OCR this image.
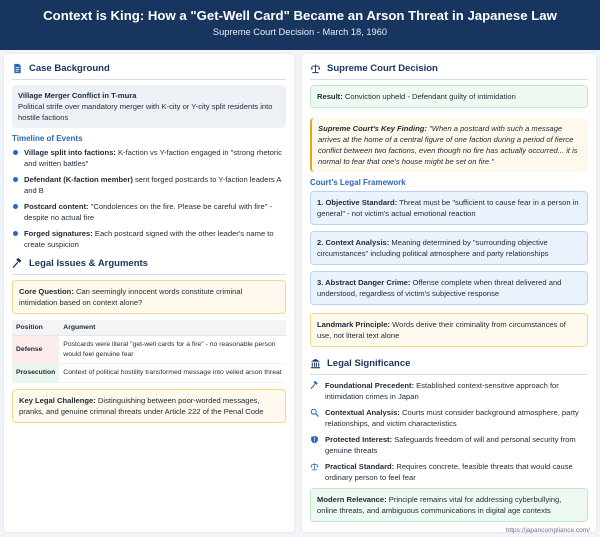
Context is King: How a "Get-Well Card" Became an Arson Threat in Japanese Law
Supreme Court Decision - March 18, 1960
Case Background
Village Merger Conflict in T-mura
Political strife over mandatory merger with K-city or Y-city split residents into hostile factions
Timeline of Events
Village split into factions: K-faction vs Y-faction engaged in "strong rhetoric and written battles"
Defendant (K-faction member) sent forged postcards to Y-faction leaders A and B
Postcard content: "Condolences on the fire. Please be careful with fire" - despite no actual fire
Forged signatures: Each postcard signed with the other leader's name to create suspicion
Legal Issues & Arguments
Core Question: Can seemingly innocent words constitute criminal intimidation based on context alone?
Position	Argument
Defense	Postcards were literal "get-well cards for a fire" - no reasonable person would feel genuine fear
Prosecution	Context of political hostility transformed message into veiled arson threat
Key Legal Challenge: Distinguishing between poor-worded messages, pranks, and genuine criminal threats under Article 222 of the Penal Code
Supreme Court Decision
Result: Conviction upheld - Defendant guilty of intimidation
Supreme Court's Key Finding: "When a postcard with such a message arrives at the home of a central figure of one faction during a period of fierce conflict between two factions, even though no fire has actually occurred... it is normal to fear that one's house might be set on fire."
Court's Legal Framework
1. Objective Standard: Threat must be "sufficient to cause fear in a person in general" - not victim's actual emotional reaction
2. Context Analysis: Meaning determined by "surrounding objective circumstances" including political atmosphere and party relationships
3. Abstract Danger Crime: Offense complete when threat delivered and understood, regardless of victim's subjective response
Landmark Principle: Words derive their criminality from circumstances of use, not literal text alone
Legal Significance
Foundational Precedent: Established context-sensitive approach for intimidation crimes in Japan
Contextual Analysis: Courts must consider background atmosphere, party relationships, and victim characteristics
Protected Interest: Safeguards freedom of will and personal security from genuine threats
Practical Standard: Requires concrete, feasible threats that would cause ordinary person to feel fear
Modern Relevance: Principle remains vital for addressing cyberbullying, online threats, and ambiguous communications in digital age contexts
https://japancompliance.com/
